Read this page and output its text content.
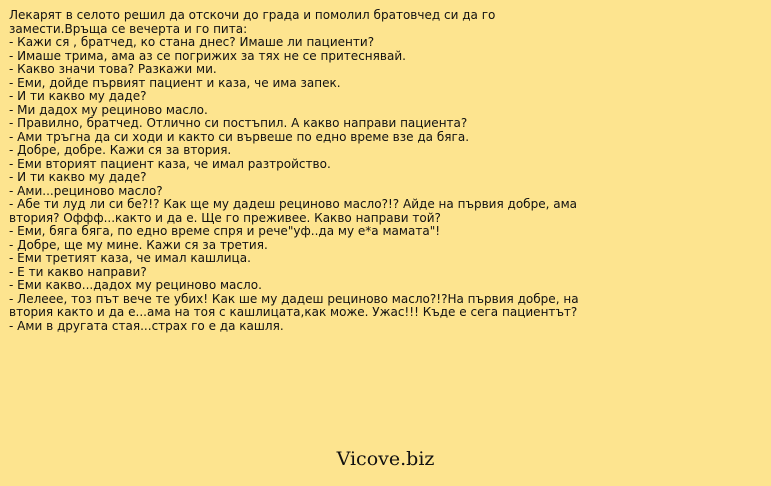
Лекарят в селото решил да отскочи до града и помолил братовчед си да го замести.Връща се вечерта и го пита:

- Кажи ся , братчед, ко стана днес? Имаше ли пациенти?

- Имаше трима, ама аз се погрижих за тях не се притеснявай.

- Какво значи това? Разкажи ми.

- Еми, дойде първият пациент и каза, че има запек.

- И ти какво му даде?

- Ми дадох му рециново масло.

- Правилно, братчед. Отлично си постъпил. А какво направи пациента?

- Ами тръгна да си ходи и както си вървеше по едно време взе да бяга.

- Добре, добре. Кажи ся за втория.

- Еми вторият пациент каза, че имал разтройство.

- И ти какво му даде?

- Ами...рециново масло?

- Абе ти луд ли си бе?!? Как ще му дадеш рециново масло?!? Айде на първия добре, ама втория? Оффф...както и да е. Ще го преживее. Какво направи той?

- Еми, бяга бяга, по едно време спря и рече"уф..да му е*а мамата"!

- Добре, ще му мине. Кажи ся за третия.

- Еми третият каза, че имал кашлица.

- Е ти какво направи?

- Еми какво...дадох му рециново масло.

- Лелеее, тоз път вече те убих! Как ше му дадеш рециново масло?!?На първия добре, на втория както и да е...ама на тоя с кашлицата,как може. Ужас!!! Къде е сега пациентът?

- Ами в другата стая...страх го е да кашля.

Vicove.biz
